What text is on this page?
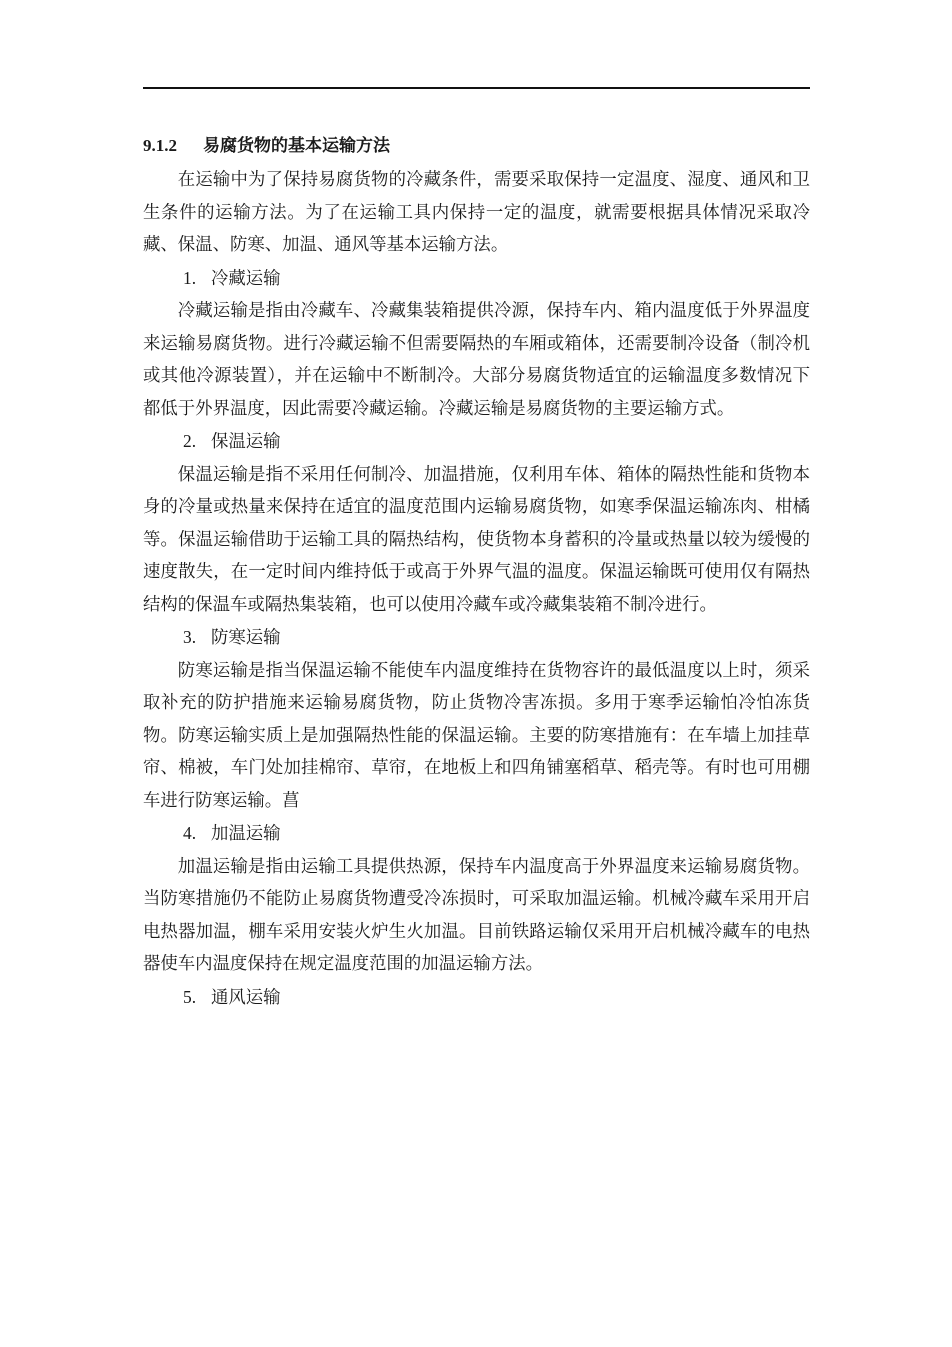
9.1.2 易腐货物的基本运输方法

在运输中为了保持易腐货物的冷藏条件，需要采取保持一定温度、湿度、通风和卫生条件的运输方法。为了在运输工具内保持一定的温度，就需要根据具体情况采取冷藏、保温、防寒、加温、通风等基本运输方法。

1. 冷藏运输

冷藏运输是指由冷藏车、冷藏集装箱提供冷源，保持车内、箱内温度低于外界温度来运输易腐货物。进行冷藏运输不但需要隔热的车厢或箱体，还需要制冷设备（制冷机或其他冷源装置），并在运输中不断制冷。大部分易腐货物适宜的运输温度多数情况下都低于外界温度，因此需要冷藏运输。冷藏运输是易腐货物的主要运输方式。

2. 保温运输

保温运输是指不采用任何制冷、加温措施，仅利用车体、箱体的隔热性能和货物本身的冷量或热量来保持在适宜的温度范围内运输易腐货物，如寒季保温运输冻肉、柑橘等。保温运输借助于运输工具的隔热结构，使货物本身蓄积的冷量或热量以较为缓慢的速度散失，在一定时间内维持低于或高于外界气温的温度。保温运输既可使用仅有隔热结构的保温车或隔热集装箱，也可以使用冷藏车或冷藏集装箱不制冷进行。

3. 防寒运输

防寒运输是指当保温运输不能使车内温度维持在货物容许的最低温度以上时，须采取补充的防护措施来运输易腐货物，防止货物冷害冻损。多用于寒季运输怕冷怕冻货物。防寒运输实质上是加强隔热性能的保温运输。主要的防寒措施有：在车墙上加挂草帘、棉被，车门处加挂棉帘、草帘，在地板上和四角铺塞稻草、稻壳等。有时也可用棚车进行防寒运输。菖

4. 加温运输

加温运输是指由运输工具提供热源，保持车内温度高于外界温度来运输易腐货物。当防寒措施仍不能防止易腐货物遭受冷冻损时，可采取加温运输。机械冷藏车采用开启电热器加温，棚车采用安装火炉生火加温。目前铁路运输仅采用开启机械冷藏车的电热器使车内温度保持在规定温度范围的加温运输方法。

5. 通风运输
